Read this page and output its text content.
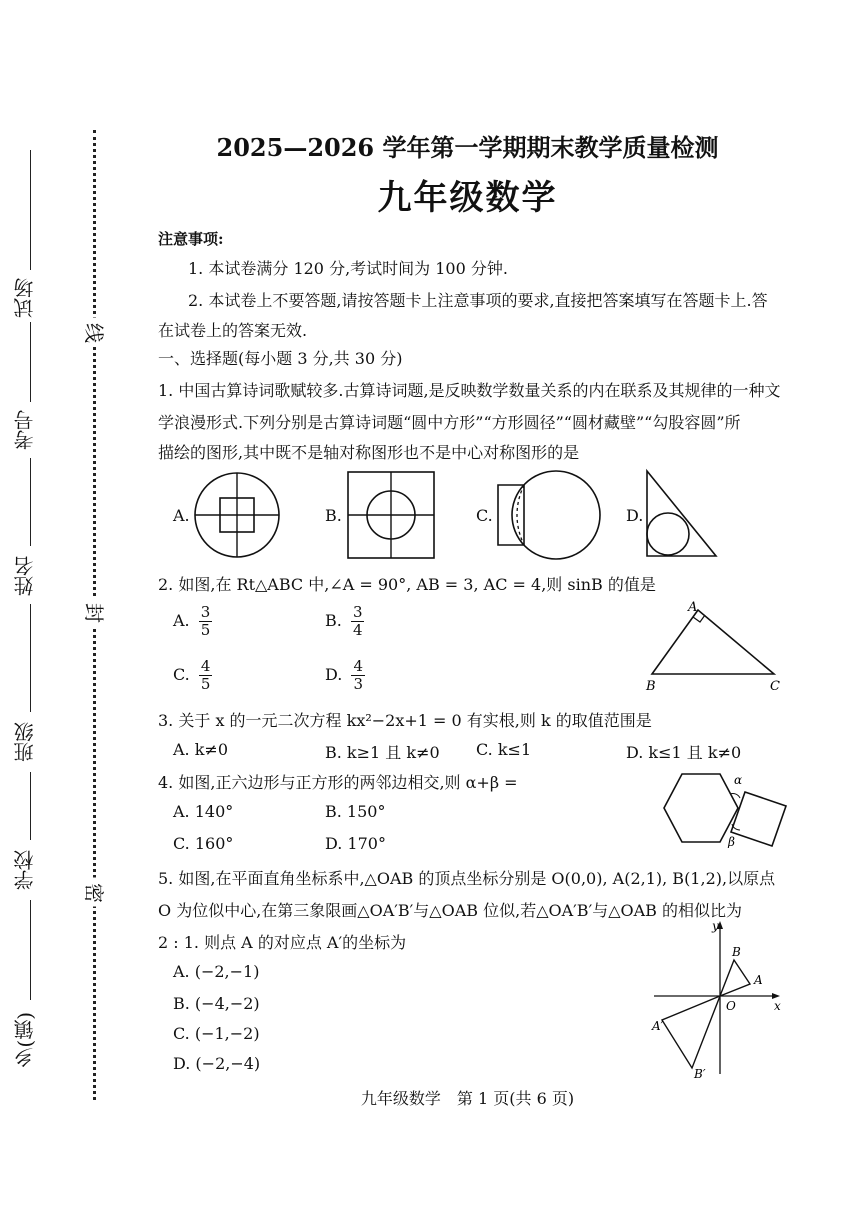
试场
考号
姓名
班级
学校
乡(镇)
线
封
密
2025—2026 学年第一学期期末教学质量检测
九年级数学
注意事项:
1. 本试卷满分 120 分,考试时间为 100 分钟.
2. 本试卷上不要答题,请按答题卡上注意事项的要求,直接把答案填写在答题卡上.答
在试卷上的答案无效.
一、选择题(每小题 3 分,共 30 分)
1. 中国古算诗词歌赋较多.古算诗词题,是反映数学数量关系的内在联系及其规律的一种文
学浪漫形式.下列分别是古算诗词题“圆中方形”“方形圆径”“圆材藏壁”“勾股容圆”所
描绘的图形,其中既不是轴对称图形也不是中心对称图形的是
A.	B.	C.	D.
2. 如图,在 Rt△ABC 中,∠A = 90°, AB = 3, AC = 4,则 sinB 的值是
A. $\frac{3}{5}$	B. $\frac{3}{4}$
C. $\frac{4}{5}$	D. $\frac{4}{3}$
A
B	C
3. 关于 x 的一元二次方程 kx²−2x+1 = 0 有实根,则 k 的取值范围是
A. k≠0	B. k≥1 且 k≠0 C. k≤1	D. k≤1 且 k≠0
4. 如图,正六边形与正方形的两邻边相交,则 α+β =
A. 140°	B. 150°
C. 160°	D. 170°
α
β
5. 如图,在平面直角坐标系中,△OAB 的顶点坐标分别是 O(0,0), A(2,1), B(1,2),以原点
O 为位似中心,在第三象限画△OA′B′与△OAB 位似,若△OA′B′与△OAB 的相似比为
2 : 1. 则点 A 的对应点 A′的坐标为
A. (−2,−1)
B. (−4,−2)
C. (−1,−2)
D. (−2,−4)
y
x
O
A
B
A′
B′
九年级数学　第 1 页(共 6 页)
